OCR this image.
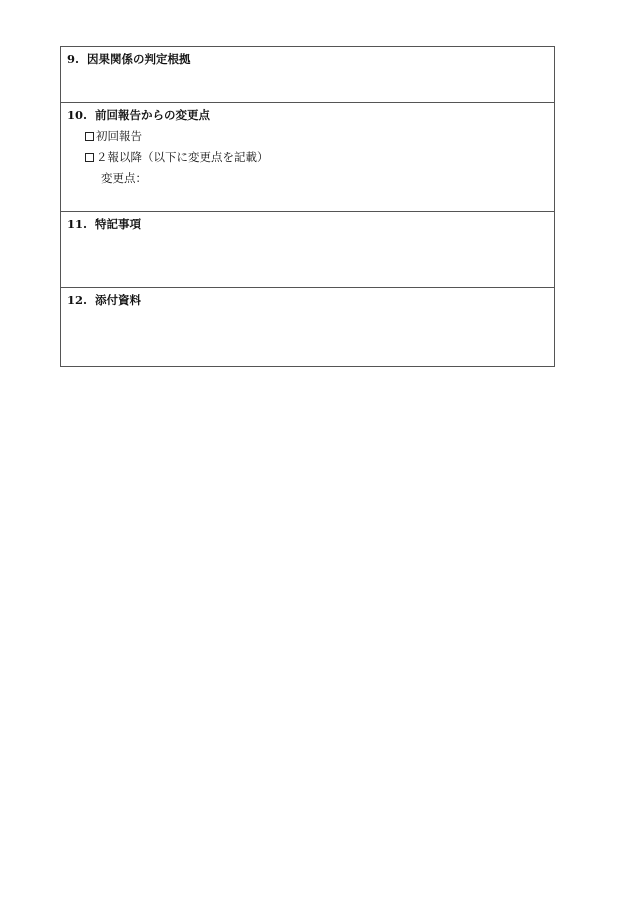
9. 因果関係の判定根拠
10. 前回報告からの変更点
初回報告
２報以降（以下に変更点を記載）
変更点：
11. 特記事項
12. 添付資料
